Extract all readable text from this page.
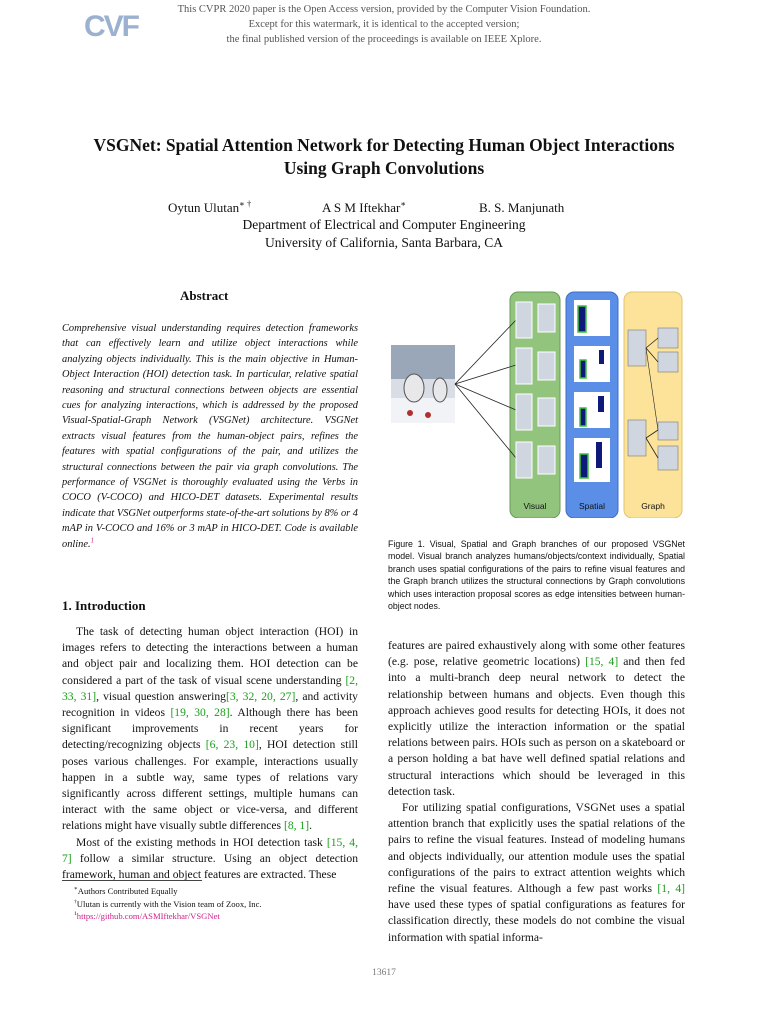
CVF
This CVPR 2020 paper is the Open Access version, provided by the Computer Vision Foundation.
Except for this watermark, it is identical to the accepted version;
the final published version of the proceedings is available on IEEE Xplore.
VSGNet: Spatial Attention Network for Detecting Human Object Interactions
Using Graph Convolutions
Oytun Ulutan∗ †	A S M Iftekhar∗	B. S. Manjunath
Department of Electrical and Computer Engineering
University of California, Santa Barbara, CA
Abstract
Comprehensive visual understanding requires detection frameworks that can effectively learn and utilize object interactions while analyzing objects individually. This is the main objective in Human-Object Interaction (HOI) detection task. In particular, relative spatial reasoning and structural connections between objects are essential cues for analyzing interactions, which is addressed by the proposed Visual-Spatial-Graph Network (VSGNet) architecture. VSGNet extracts visual features from the human-object pairs, refines the features with spatial configurations of the pair, and utilizes the structural connections between the pair via graph convolutions. The performance of VSGNet is thoroughly evaluated using the Verbs in COCO (V-COCO) and HICO-DET datasets. Experimental results indicate that VSGNet outperforms state-of-the-art solutions by 8% or 4 mAP in V-COCO and 16% or 3 mAP in HICO-DET. Code is available online.$^1$
1. Introduction

The task of detecting human object interaction (HOI) in images refers to detecting the interactions between a human and object pair and localizing them. HOI detection can be considered a part of the task of visual scene understanding [2, 33, 31], visual question answering[3, 32, 20, 27], and activity recognition in videos [19, 30, 28]. Although there has been significant improvements in recent years for detecting/recognizing objects [6, 23, 10], HOI detection still poses various challenges. For example, interactions usually happen in a subtle way, same types of relations vary significantly across different settings, multiple humans can interact with the same object or vice-versa, and different relations might have visually subtle differences [8, 1].

Most of the existing methods in HOI detection task [15, 4, 7] follow a similar structure. Using an object detection framework, human and object features are extracted. These

features are paired exhaustively along with some other features (e.g. pose, relative geometric locations) [15, 4] and then fed into a multi-branch deep neural network to detect the relationship between humans and objects. Even though this approach achieves good results for detecting HOIs, it does not explicitly utilize the interaction information or the spatial relations between pairs. HOIs such as person on a skateboard or a person holding a bat have well defined spatial relations and structural interactions which should be leveraged in this detection task.

For utilizing spatial configurations, VSGNet uses a spatial attention branch that explicitly uses the spatial relations of the pairs to refine the visual features. Instead of modeling humans and objects individually, our attention module uses the spatial configurations of the pairs to extract attention weights which refine the visual features. Although a few past works [1, 4] have used these types of spatial configurations as features for classification directly, these models do not combine the visual information with spatial informa-

∗Authors Contributed Equally
†Ulutan is currently with the Vision team of Zoox, Inc.
$^1$https://github.com/ASMIftekhar/VSGNet
Visual	Spatial	Graph
Figure 1. Visual, Spatial and Graph branches of our proposed VSGNet model. Visual branch analyzes humans/objects/context individually, Spatial branch uses spatial configurations of the pairs to refine visual features and the Graph branch utilizes the structural connections by Graph convolutions which uses interaction proposal scores as edge intensities between human-object nodes.
13617
